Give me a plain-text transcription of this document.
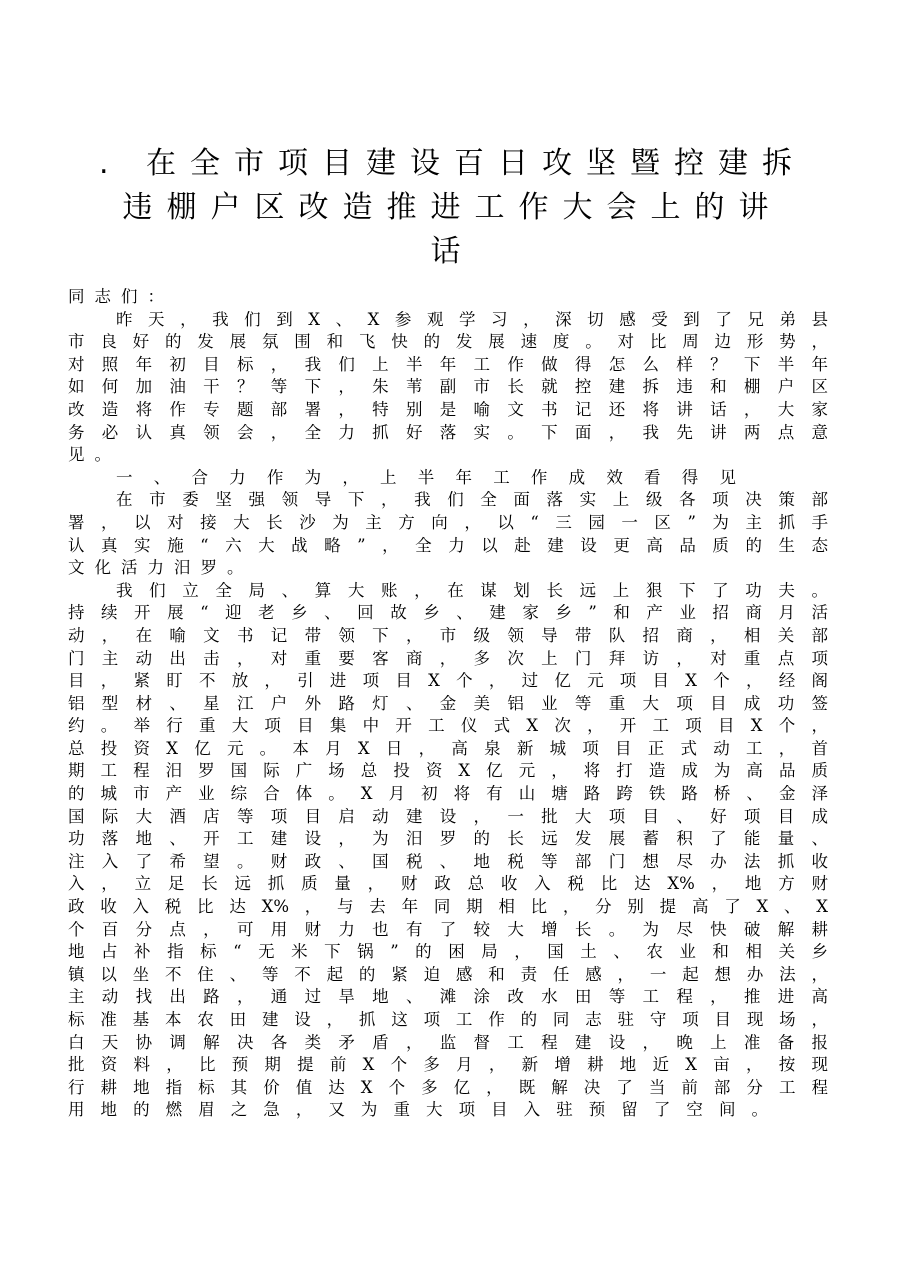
. 在全市项目建设百日攻坚暨控建拆
违棚户区改造推进工作大会上的讲
话
同志们：
昨天，我们到X、X参观学习，深切感受到了兄弟县
市良好的发展氛围和飞快的发展速度。对比周边形势，
对照年初目标，我们上半年工作做得怎么样？下半年
如何加油干？等下，朱苇副市长就控建拆违和棚户区
改造将作专题部署，特别是喻文书记还将讲话，大家
务必认真领会，全力抓好落实。下面，我先讲两点意
见。
一、合力作为，上半年工作成效看得见
在市委坚强领导下，我们全面落实上级各项决策部
署，以对接大长沙为主方向，以“三园一区”为主抓手
认真实施“六大战略”，全力以赴建设更高品质的生态
文化活力汨罗。
我们立全局、算大账，在谋划长远上狠下了功夫。
持续开展“迎老乡、回故乡、建家乡”和产业招商月活
动，在喻文书记带领下，市级领导带队招商，相关部
门主动出击，对重要客商，多次上门拜访，对重点项
目，紧盯不放，引进项目X个，过亿元项目X个，经阁
铝型材、星江户外路灯、金美铝业等重大项目成功签
约。举行重大项目集中开工仪式X次，开工项目X个，
总投资X亿元。本月X日，高泉新城项目正式动工，首
期工程汨罗国际广场总投资X亿元，将打造成为高品质
的城市产业综合体。X月初将有山塘路跨铁路桥、金泽
国际大酒店等项目启动建设，一批大项目、好项目成
功落地、开工建设，为汨罗的长远发展蓄积了能量、
注入了希望。财政、国税、地税等部门想尽办法抓收
入，立足长远抓质量，财政总收入税比达X%，地方财
政收入税比达X%，与去年同期相比，分别提高了X、X
个百分点，可用财力也有了较大增长。为尽快破解耕
地占补指标“无米下锅”的困局，国土、农业和相关乡
镇以坐不住、等不起的紧迫感和责任感，一起想办法，
主动找出路，通过旱地、滩涂改水田等工程，推进高
标准基本农田建设，抓这项工作的同志驻守项目现场，
白天协调解决各类矛盾，监督工程建设，晚上准备报
批资料，比预期提前X个多月，新增耕地近X亩，按现
行耕地指标其价值达X个多亿，既解决了当前部分工程
用地的燃眉之急，又为重大项目入驻预留了空间。
